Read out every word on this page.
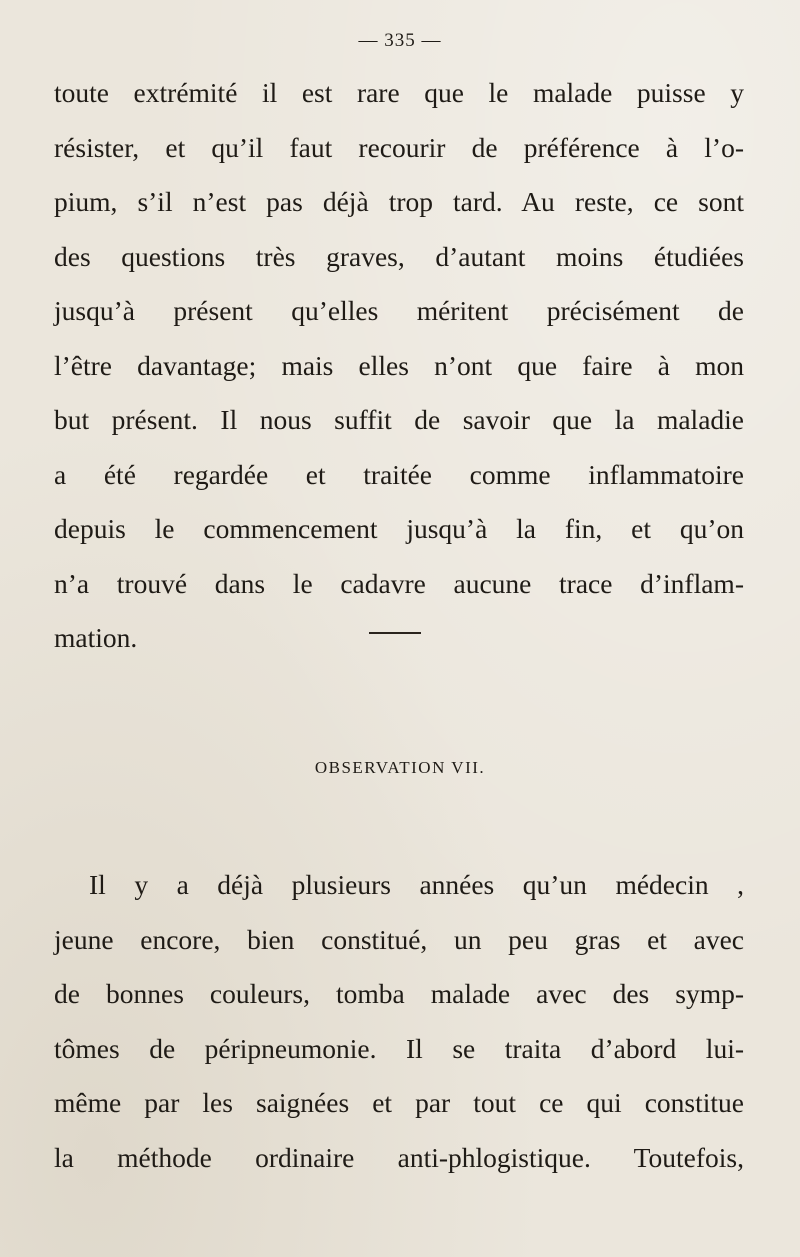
— 335 —
toute extrémité il est rare que le malade puisse y
résister, et qu’il faut recourir de préférence à l’o-
pium, s’il n’est pas déjà trop tard. Au reste, ce sont
des questions très graves, d’autant moins étudiées
jusqu’à présent qu’elles méritent précisément de
l’être davantage; mais elles n’ont que faire à mon
but présent. Il nous suffit de savoir que la maladie
a été regardée et traitée comme inflammatoire
depuis le commencement jusqu’à la fin, et qu’on
n’a trouvé dans le cadavre aucune trace d’inflam-
mation.
OBSERVATION VII.
Il y a déjà plusieurs années qu’un médecin ,
jeune encore, bien constitué, un peu gras et avec
de bonnes couleurs, tomba malade avec des symp-
tômes de péripneumonie. Il se traita d’abord lui-
même par les saignées et par tout ce qui constitue
la méthode ordinaire anti-phlogistique. Toutefois,
